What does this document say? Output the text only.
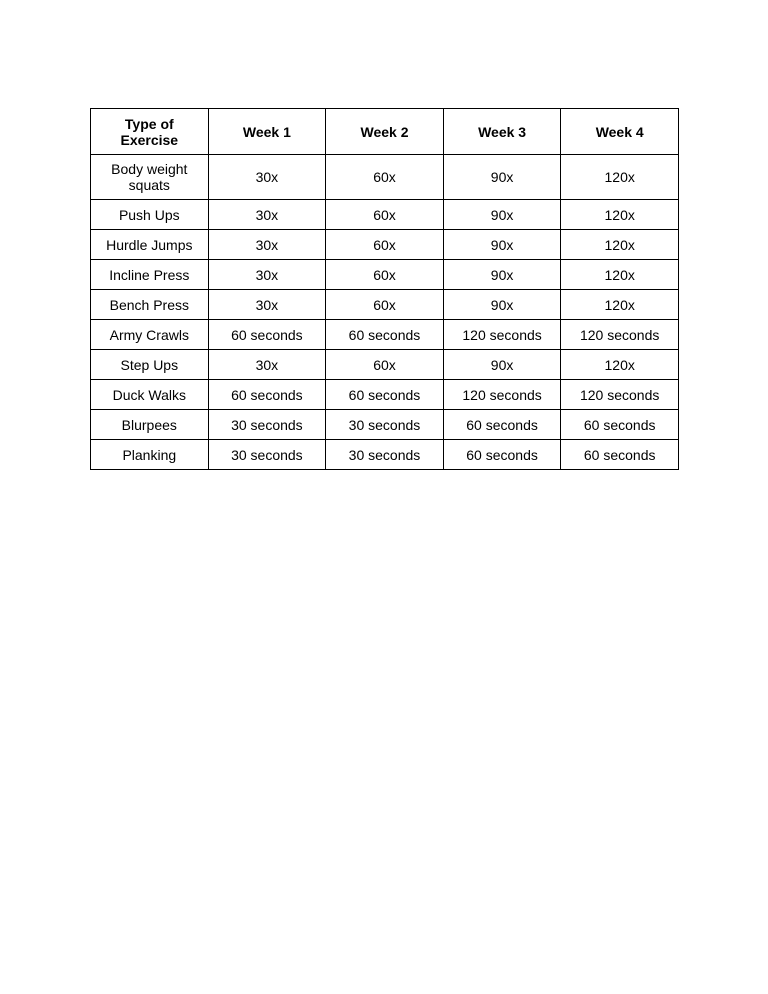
Type of Exercise	Week 1	Week 2	Week 3	Week 4
Body weight squats	30x	60x	90x	120x
Push Ups	30x	60x	90x	120x
Hurdle Jumps	30x	60x	90x	120x
Incline Press	30x	60x	90x	120x
Bench Press	30x	60x	90x	120x
Army Crawls	60 seconds	60 seconds	120 seconds	120 seconds
Step Ups	30x	60x	90x	120x
Duck Walks	60 seconds	60 seconds	120 seconds	120 seconds
Blurpees	30 seconds	30 seconds	60 seconds	60 seconds
Planking	30 seconds	30 seconds	60 seconds	60 seconds
